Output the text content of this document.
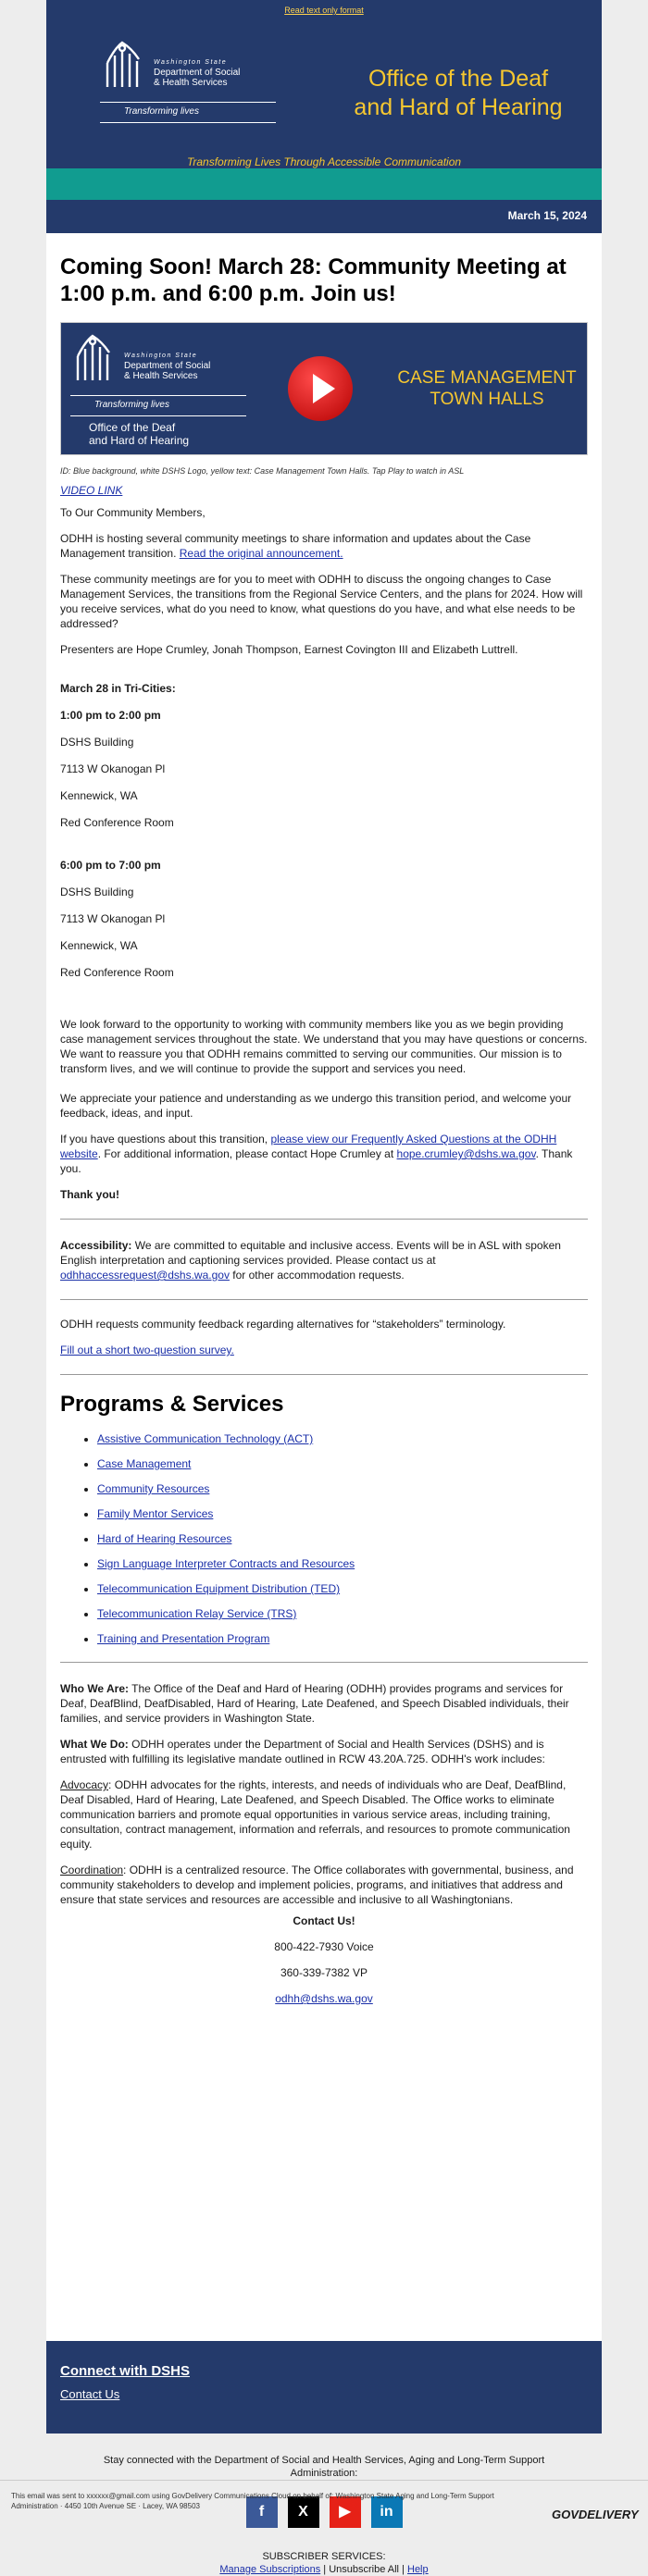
Read text only format
Washington State
Department of Social
& Health Services
Transforming lives
Office of the Deaf
and Hard of Hearing
Transforming Lives Through Accessible Communication
March 15, 2024
Coming Soon! March 28: Community Meeting at 1:00 p.m. and 6:00 p.m. Join us!
Washington State
Department of Social
& Health Services
Transforming lives
Office of the Deaf
and Hard of Hearing
CASE MANAGEMENT
TOWN HALLS

ID: Blue background, white DSHS Logo, yellow text: Case Management Town Halls. Tap Play to watch in ASL

VIDEO LINK

To Our Community Members,

ODHH is hosting several community meetings to share information and updates about the Case Management transition. Read the original announcement.

These community meetings are for you to meet with ODHH to discuss the ongoing changes to Case Management Services, the transitions from the Regional Service Centers, and the plans for 2024. How will you receive services, what do you need to know, what questions do you have, and what else needs to be addressed?

Presenters are Hope Crumley, Jonah Thompson, Earnest Covington III and Elizabeth Luttrell.

March 28 in Tri-Cities:
1:00 pm to 2:00 pm
DSHS Building
7113 W Okanogan Pl
Kennewick, WA
Red Conference Room
6:00 pm to 7:00 pm
DSHS Building
7113 W Okanogan Pl
Kennewick, WA
Red Conference Room

We look forward to the opportunity to working with community members like you as we begin providing case management services throughout the state. We understand that you may have questions or concerns. We want to reassure you that ODHH remains committed to serving our communities. Our mission is to transform lives, and we will continue to provide the support and services you need.

We appreciate your patience and understanding as we undergo this transition period, and welcome your feedback, ideas, and input.

If you have questions about this transition, please view our Frequently Asked Questions at the ODHH website. For additional information, please contact Hope Crumley at hope.crumley@dshs.wa.gov. Thank you.

Thank you!

Accessibility: We are committed to equitable and inclusive access. Events will be in ASL with spoken English interpretation and captioning services provided. Please contact us at odhhaccessrequest@dshs.wa.gov for other accommodation requests.

ODHH requests community feedback regarding alternatives for “stakeholders” terminology.

Fill out a short two-question survey.

Programs & Services
• Assistive Communication Technology (ACT)
• Case Management
• Community Resources
• Family Mentor Services
• Hard of Hearing Resources
• Sign Language Interpreter Contracts and Resources
• Telecommunication Equipment Distribution (TED)
• Telecommunication Relay Service (TRS)
• Training and Presentation Program

Who We Are: The Office of the Deaf and Hard of Hearing (ODHH) provides programs and services for Deaf, DeafBlind, DeafDisabled, Hard of Hearing, Late Deafened, and Speech Disabled individuals, their families, and service providers in Washington State.

What We Do: ODHH operates under the Department of Social and Health Services (DSHS) and is entrusted with fulfilling its legislative mandate outlined in RCW 43.20A.725. ODHH's work includes:

Advocacy: ODHH advocates for the rights, interests, and needs of individuals who are Deaf, DeafBlind, Deaf Disabled, Hard of Hearing, Late Deafened, and Speech Disabled. The Office works to eliminate communication barriers and promote equal opportunities in various service areas, including training, consultation, contract management, information and referrals, and resources to promote communication equity.

Coordination: ODHH is a centralized resource. The Office collaborates with governmental, business, and community stakeholders to develop and implement policies, programs, and initiatives that address and ensure that state services and resources are accessible and inclusive to all Washingtonians.

Contact Us!
800-422-7930 Voice
360-339-7382 VP
odhh@dshs.wa.gov
Connect with DSHS
Contact Us
Stay connected with the Department of Social and Health Services, Aging and Long-Term Support Administration:
f	X	▶	in
SUBSCRIBER SERVICES:
Manage Subscriptions | Unsubscribe All | Help
This email was sent to xxxxxx@gmail.com using GovDelivery Communications Cloud on behalf of: Washington State Aging and Long-Term Support Administration · 4450 10th Avenue SE · Lacey, WA 98503
GOVDELIVERY
